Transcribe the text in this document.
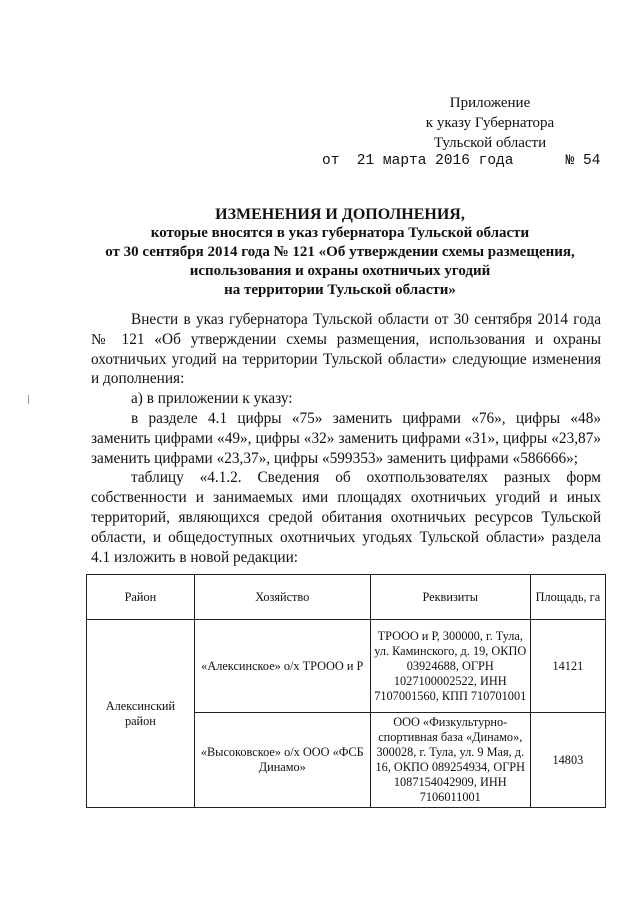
Приложение
к указу Губернатора
Тульской области
от  21 марта 2016 года      № 54
ИЗМЕНЕНИЯ И ДОПОЛНЕНИЯ,
которые вносятся в указ губернатора Тульской области
от 30 сентября 2014 года № 121 «Об утверждении схемы размещения,
использования и охраны охотничьих угодий
на территории Тульской области»

Внести в указ губернатора Тульской области от 30 сентября 2014 года № 121 «Об утверждении схемы размещения, использования и охраны охотничьих угодий на территории Тульской области» следующие изменения и дополнения:

а) в приложении к указу:

в разделе 4.1 цифры «75» заменить цифрами «76», цифры «48» заменить цифрами «49», цифры «32» заменить цифрами «31», цифры «23,87» заменить цифрами «23,37», цифры «599353» заменить цифрами «586666»;

таблицу «4.1.2. Сведения об охотпользователях разных форм собственности и занимаемых ими площадях охотничьих угодий и иных территорий, являющихся средой обитания охотничьих ресурсов Тульской области, и общедоступных охотничьих угодьях Тульской области» раздела 4.1 изложить в новой редакции:

Район	Хозяйство	Реквизиты	Площадь, га
Алексинский район	«Алексинское» о/х ТРООО и Р	ТРООО и Р, 300000, г. Тула, ул. Каминского, д. 19, ОКПО 03924688, ОГРН 1027100002522, ИНН 7107001560, КПП 710701001	14121
	«Высоковское» о/х ООО «ФСБ Динамо»	ООО «Физкультурно-спортивная база «Динамо», 300028, г. Тула, ул. 9 Мая, д. 16, ОКПО 089254934, ОГРН 1087154042909, ИНН 7106011001	14803
